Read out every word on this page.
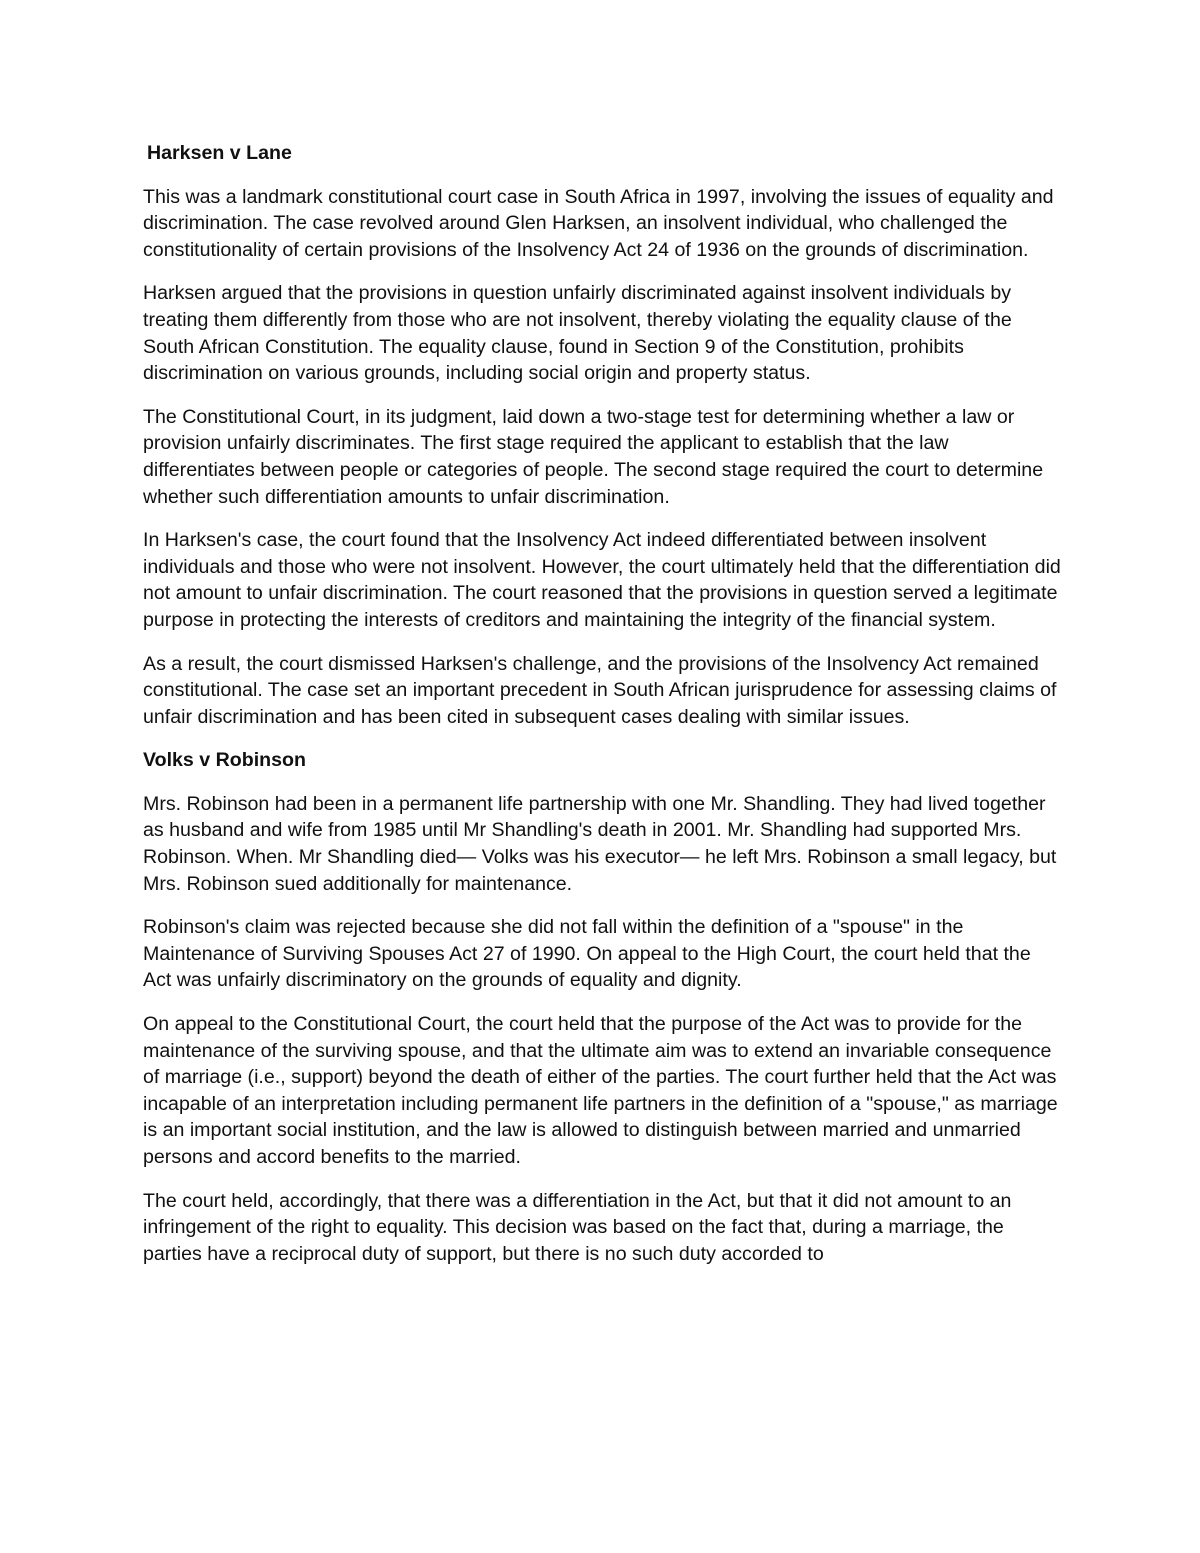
Harksen v Lane

This was a landmark constitutional court case in South Africa in 1997, involving the issues of equality and discrimination. The case revolved around Glen Harksen, an insolvent individual, who challenged the constitutionality of certain provisions of the Insolvency Act 24 of 1936 on the grounds of discrimination.

Harksen argued that the provisions in question unfairly discriminated against insolvent individuals by treating them differently from those who are not insolvent, thereby violating the equality clause of the South African Constitution. The equality clause, found in Section 9 of the Constitution, prohibits discrimination on various grounds, including social origin and property status.

The Constitutional Court, in its judgment, laid down a two-stage test for determining whether a law or provision unfairly discriminates. The first stage required the applicant to establish that the law differentiates between people or categories of people. The second stage required the court to determine whether such differentiation amounts to unfair discrimination.

In Harksen's case, the court found that the Insolvency Act indeed differentiated between insolvent individuals and those who were not insolvent. However, the court ultimately held that the differentiation did not amount to unfair discrimination. The court reasoned that the provisions in question served a legitimate purpose in protecting the interests of creditors and maintaining the integrity of the financial system.

As a result, the court dismissed Harksen's challenge, and the provisions of the Insolvency Act remained constitutional. The case set an important precedent in South African jurisprudence for assessing claims of unfair discrimination and has been cited in subsequent cases dealing with similar issues.

Volks v Robinson

Mrs. Robinson had been in a permanent life partnership with one Mr. Shandling. They had lived together as husband and wife from 1985 until Mr Shandling's death in 2001. Mr. Shandling had supported Mrs. Robinson. When. Mr Shandling died— Volks was his executor— he left Mrs. Robinson a small legacy, but Mrs. Robinson sued additionally for maintenance.

Robinson's claim was rejected because she did not fall within the definition of a "spouse" in the Maintenance of Surviving Spouses Act 27 of 1990. On appeal to the High Court, the court held that the Act was unfairly discriminatory on the grounds of equality and dignity.

On appeal to the Constitutional Court, the court held that the purpose of the Act was to provide for the maintenance of the surviving spouse, and that the ultimate aim was to extend an invariable consequence of marriage (i.e., support) beyond the death of either of the parties. The court further held that the Act was incapable of an interpretation including permanent life partners in the definition of a "spouse," as marriage is an important social institution, and the law is allowed to distinguish between married and unmarried persons and accord benefits to the married.

The court held, accordingly, that there was a differentiation in the Act, but that it did not amount to an infringement of the right to equality. This decision was based on the fact that, during a marriage, the parties have a reciprocal duty of support, but there is no such duty accorded to
